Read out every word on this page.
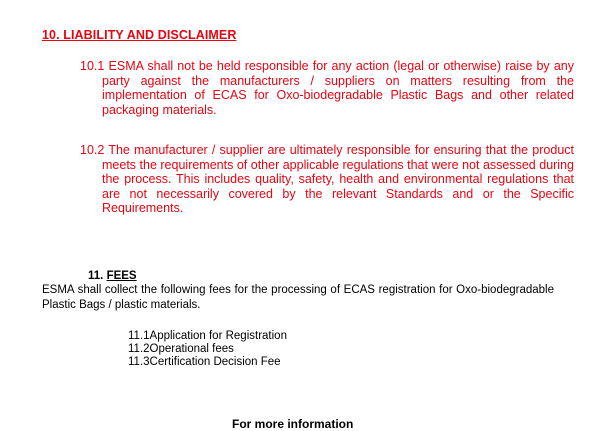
10. LIABILITY AND DISCLAIMER
10.1 ESMA shall not be held responsible for any action (legal or otherwise) raise by any party against the manufacturers / suppliers on matters resulting from the implementation of ECAS for Oxo-biodegradable Plastic Bags and other related packaging materials.
10.2 The manufacturer / supplier are ultimately responsible for ensuring that the product meets the requirements of other applicable regulations that were not assessed during the process. This includes quality, safety, health and environmental regulations that are not necessarily covered by the relevant Standards and or the Specific Requirements.
11. FEES
ESMA shall collect the following fees for the processing of ECAS registration for Oxo-biodegradable Plastic Bags / plastic materials.
11.1Application for Registration
11.2Operational fees
11.3Certification Decision Fee
For more information
